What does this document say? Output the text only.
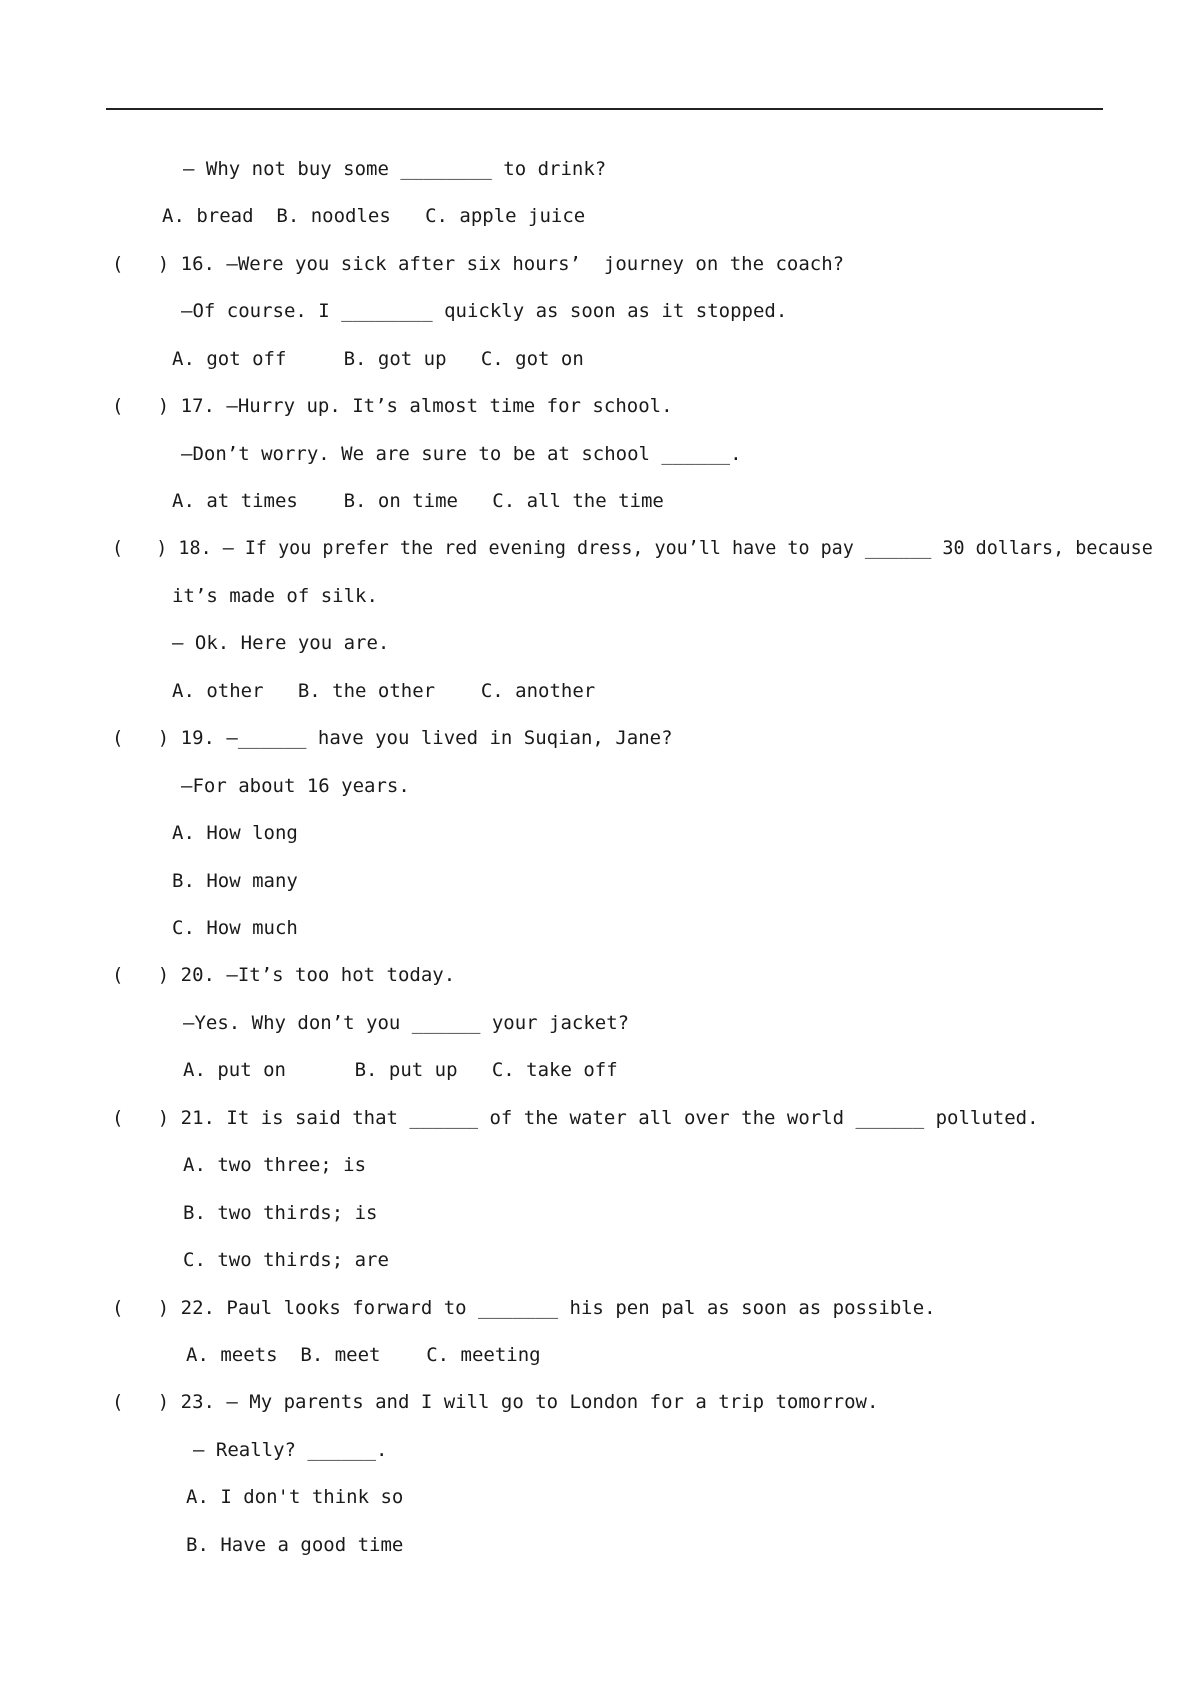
— Why not buy some ________ to drink?
A. bread  B. noodles   C. apple juice
(   ) 16. —Were you sick after six hours’  journey on the coach?
—Of course. I ________ quickly as soon as it stopped.
A. got off     B. got up   C. got on
(   ) 17. —Hurry up. It’s almost time for school.
—Don’t worry. We are sure to be at school ______.
A. at times    B. on time   C. all the time
(   ) 18. — If you prefer the red evening dress, you’ll have to pay ______ 30 dollars, because
it’s made of silk.
— Ok. Here you are.
A. other   B. the other    C. another
(   ) 19. —______ have you lived in Suqian, Jane?
—For about 16 years.
A. How long
B. How many
C. How much
(   ) 20. —It’s too hot today.
—Yes. Why don’t you ______ your jacket?
A. put on      B. put up   C. take off
(   ) 21. It is said that ______ of the water all over the world ______ polluted.
A. two three; is
B. two thirds; is
C. two thirds; are
(   ) 22. Paul looks forward to _______ his pen pal as soon as possible.
A. meets  B. meet    C. meeting
(   ) 23. — My parents and I will go to London for a trip tomorrow.
— Really? ______.
A. I don't think so
B. Have a good time
